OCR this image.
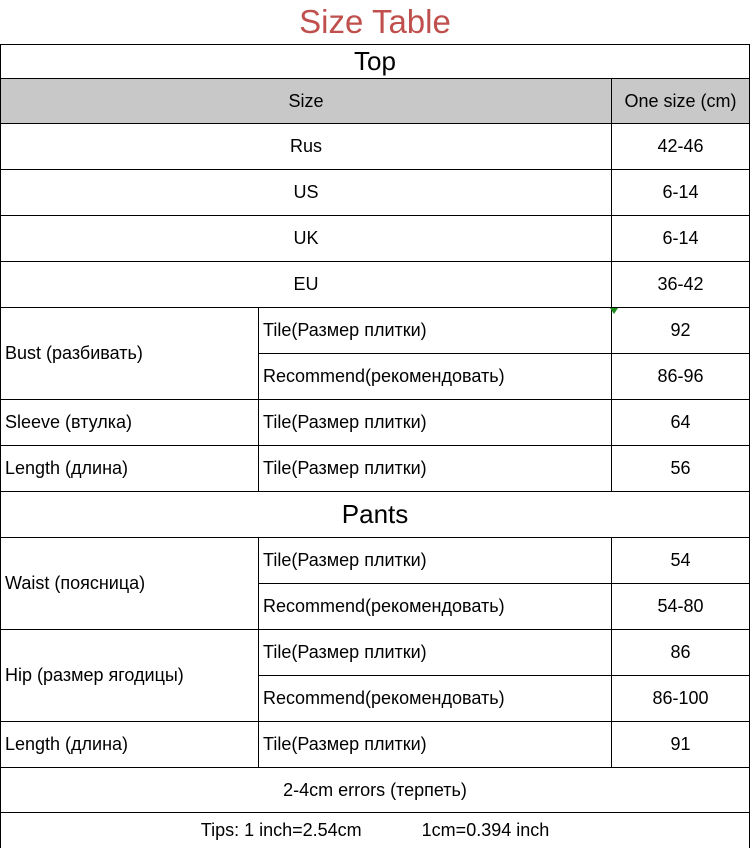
Size Table		
Top		
Size		One size (cm)
Rus		42-46
US		6-14
UK		6-14
EU		36-42
Bust (разбивать)	Tile(Размер плитки)	92
	Recommend(рекомендовать)	86-96
Sleeve (втулка)	Tile(Размер плитки)	64
Length (длина)	Tile(Размер плитки)	56
Pants		
Waist (поясница)	Tile(Размер плитки)	54
	Recommend(рекомендовать)	54-80
Hip (размер ягодицы)	Tile(Размер плитки)	86
	Recommend(рекомендовать)	86-100
Length (длина)	Tile(Размер плитки)	91
2-4cm errors (терпеть)		
Tips: 1 inch=2.54cm 1cm=0.394 inch		
